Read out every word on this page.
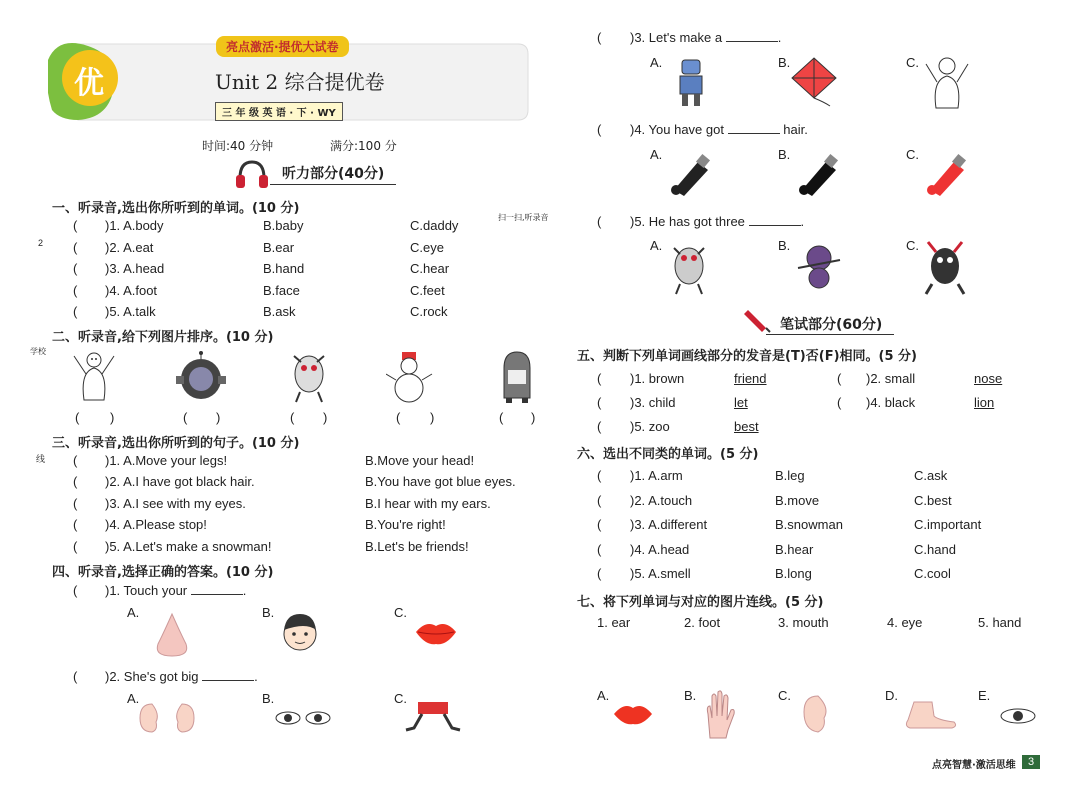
优
亮点激活·提优大试卷
Unit 2 综合提优卷
三 年 级 英 语 · 下 · WY
时间:40 分钟	满分:100 分
听力部分(40分)
2
学校
线
扫一扫,听录音
一、听录音,选出你所听到的单词。(10 分)
( )1. A.body	B.baby	C.daddy
( )2. A.eat	B.ear	C.eye
( )3. A.head	B.hand	C.hear
( )4. A.foot	B.face	C.feet
( )5. A.talk	B.ask	C.rock
二、听录音,给下列图片排序。(10 分)
( )	( )	( )	( )	( )
三、听录音,选出你所听到的句子。(10 分)
( )1. A.Move your legs!	B.Move your head!
( )2. A.I have got black hair.	B.You have got blue eyes.
( )3. A.I see with my eyes.	B.I hear with my ears.
( )4. A.Please stop!	B.You're right!
( )5. A.Let's make a snowman!	B.Let's be friends!
四、听录音,选择正确的答案。(10 分)
( )1. Touch your	.
A.	B.	C.
( )2. She's got big	.
A.	B.	C.
( )3. Let's make a	.
A.	B.	C.
( )4. You have got	hair.
A.	B.	C.
( )5. He has got three	.
A.	B.	C.
笔试部分(60分)
五、判断下列单词画线部分的发音是(T)否(F)相同。(5 分)
( )1. brown	friend	( )2. small	nose
( )3. child	let	( )4. black	lion
( )5. zoo	best
六、选出不同类的单词。(5 分)
( )1. A.arm	B.leg	C.ask
( )2. A.touch	B.move	C.best
( )3. A.different	B.snowman	C.important
( )4. A.head	B.hear	C.hand
( )5. A.smell	B.long	C.cool
七、将下列单词与对应的图片连线。(5 分)
1. ear	2. foot	3. mouth	4. eye	5. hand
A.	B.	C.	D.	E.
点亮智慧·激活思维	3
